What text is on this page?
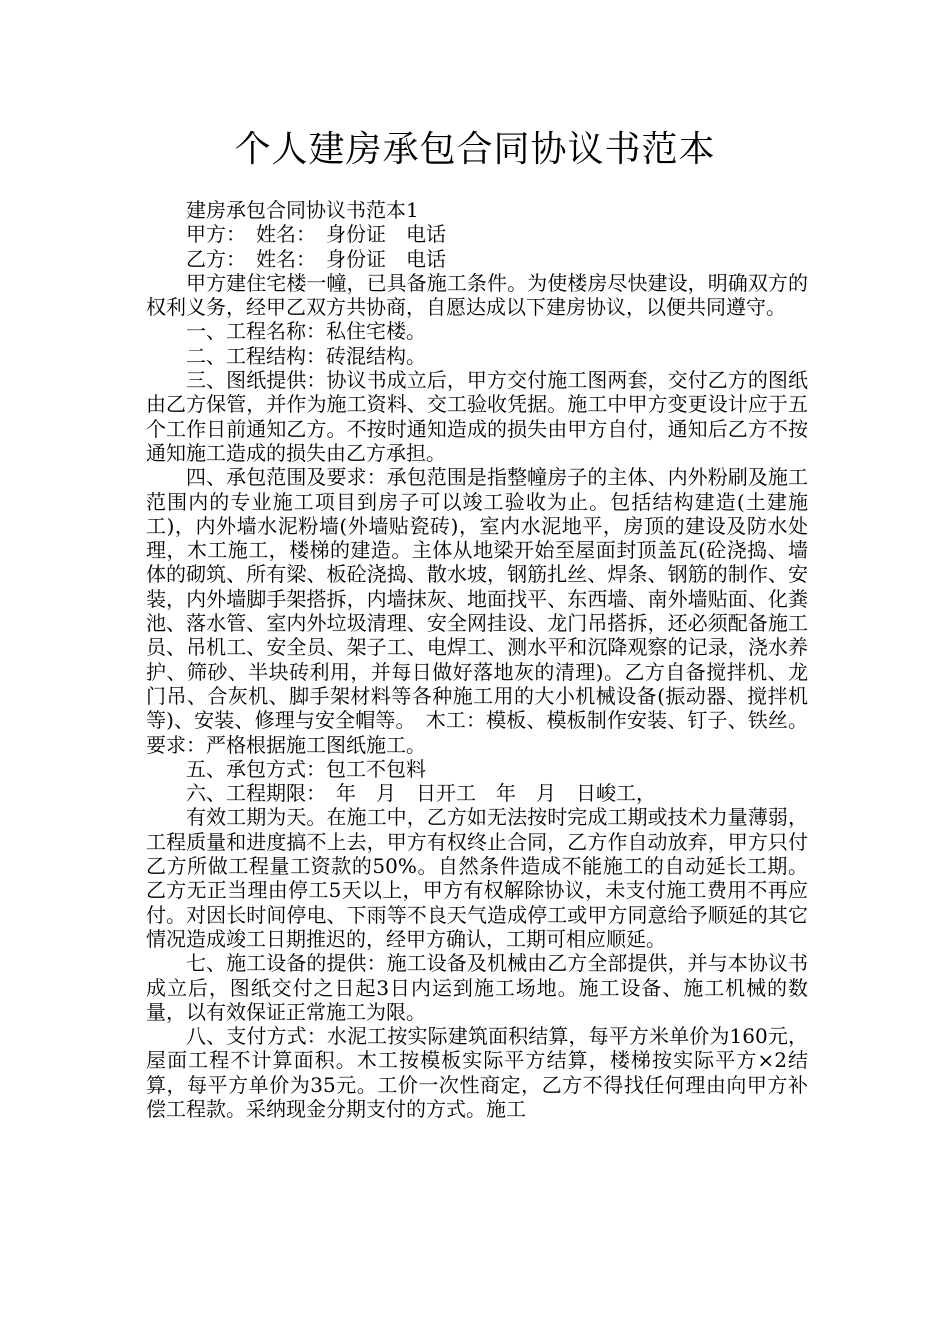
个人建房承包合同协议书范本

建房承包合同协议书范本1

甲方：　姓名：　身份证　电话

乙方：　姓名：　身份证　电话

甲方建住宅楼一幢，已具备施工条件。为使楼房尽快建设，明确双方的权利义务，经甲乙双方共协商，自愿达成以下建房协议，以便共同遵守。

一、工程名称：私住宅楼。

二、工程结构：砖混结构。

三、图纸提供：协议书成立后，甲方交付施工图两套，交付乙方的图纸由乙方保管，并作为施工资料、交工验收凭据。施工中甲方变更设计应于五个工作日前通知乙方。不按时通知造成的损失由甲方自付，通知后乙方不按通知施工造成的损失由乙方承担。

四、承包范围及要求：承包范围是指整幢房子的主体、内外粉刷及施工范围内的专业施工项目到房子可以竣工验收为止。包括结构建造(土建施工)，内外墙水泥粉墙(外墙贴瓷砖)，室内水泥地平，房顶的建设及防水处理，木工施工，楼梯的建造。主体从地梁开始至屋面封顶盖瓦(砼浇捣、墙体的砌筑、所有梁、板砼浇捣、散水坡，钢筋扎丝、焊条、钢筋的制作、安装，内外墙脚手架搭拆，内墙抹灰、地面找平、东西墙、南外墙贴面、化粪池、落水管、室内外垃圾清理、安全网挂设、龙门吊搭拆，还必须配备施工员、吊机工、安全员、架子工、电焊工、测水平和沉降观察的记录，浇水养护、筛砂、半块砖利用，并每日做好落地灰的清理)。乙方自备搅拌机、龙门吊、合灰机、脚手架材料等各种施工用的大小机械设备(振动器、搅拌机等)、安装、修理与安全帽等。　木工：模板、模板制作安装、钉子、铁丝。要求：严格根据施工图纸施工。

五、承包方式：包工不包料

六、工程期限：　年　月　日开工　年　月　日峻工，

有效工期为天。在施工中，乙方如无法按时完成工期或技术力量薄弱，工程质量和进度搞不上去，甲方有权终止合同，乙方作自动放弃，甲方只付乙方所做工程量工资款的50%。自然条件造成不能施工的自动延长工期。乙方无正当理由停工5天以上，甲方有权解除协议，未支付施工费用不再应付。对因长时间停电、下雨等不良天气造成停工或甲方同意给予顺延的其它情况造成竣工日期推迟的，经甲方确认，工期可相应顺延。

七、施工设备的提供：施工设备及机械由乙方全部提供，并与本协议书成立后，图纸交付之日起3日内运到施工场地。施工设备、施工机械的数量，以有效保证正常施工为限。

八、支付方式：水泥工按实际建筑面积结算，每平方米单价为160元，屋面工程不计算面积。木工按模板实际平方结算，楼梯按实际平方×2结算，每平方单价为35元。工价一次性商定，乙方不得找任何理由向甲方补偿工程款。采纳现金分期支付的方式。施工
